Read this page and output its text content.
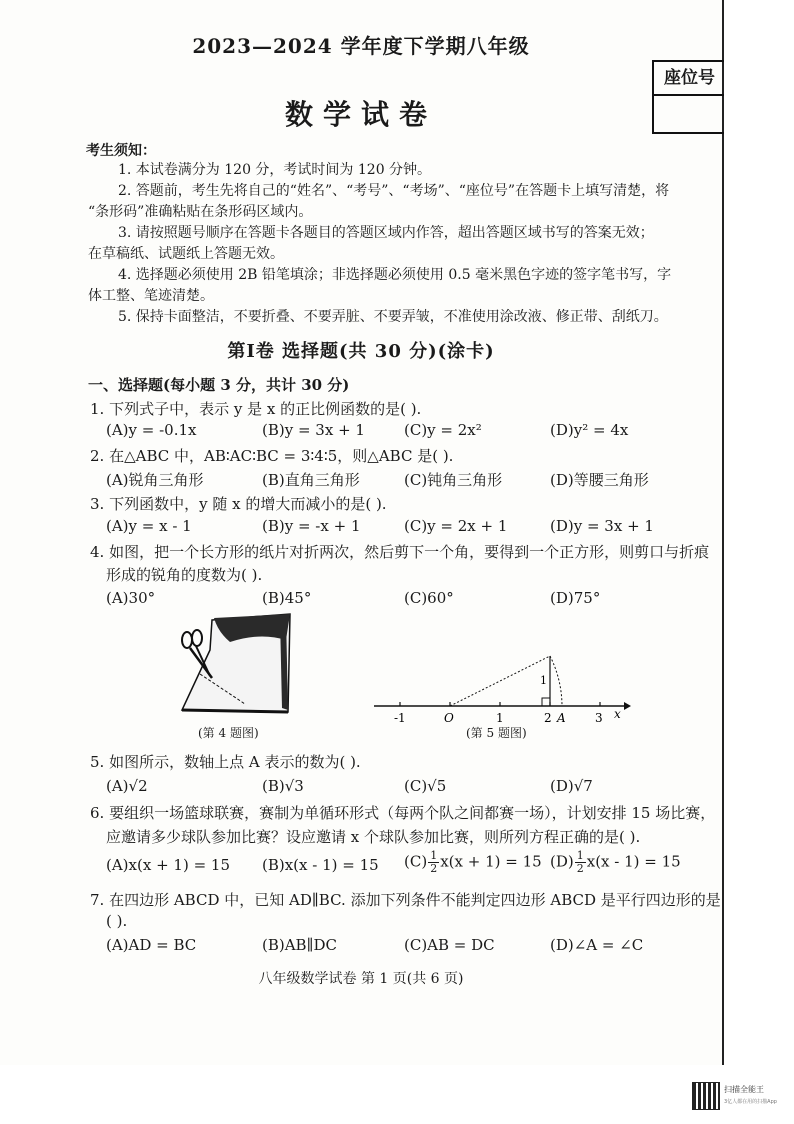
2023—2024 学年度下学期八年级
数学试卷
座位号
考生须知：
1. 本试卷满分为 120 分，考试时间为 120 分钟。
2. 答题前，考生先将自己的“姓名”、“考号”、“考场”、“座位号”在答题卡上填写清楚，将
“条形码”准确粘贴在条形码区域内。
3. 请按照题号顺序在答题卡各题目的答题区域内作答，超出答题区域书写的答案无效；
在草稿纸、试题纸上答题无效。
4. 选择题必须使用 2B 铅笔填涂；非选择题必须使用 0.5 毫米黑色字迹的签字笔书写，字
体工整、笔迹清楚。
5. 保持卡面整洁，不要折叠、不要弄脏、不要弄皱，不准使用涂改液、修正带、刮纸刀。
第Ⅰ卷 选择题(共 30 分)(涂卡)
一、选择题(每小题 3 分，共计 30 分)
1. 下列式子中，表示 y 是 x 的正比例函数的是( ).
(A)y = -0.1x	(B)y = 3x + 1	(C)y = 2x²	(D)y² = 4x
2. 在△ABC 中，AB∶AC∶BC = 3∶4∶5，则△ABC 是( ).
(A)锐角三角形	(B)直角三角形	(C)钝角三角形	(D)等腰三角形
3. 下列函数中，y 随 x 的增大而减小的是( ).
(A)y = x - 1	(B)y = -x + 1	(C)y = 2x + 1	(D)y = 3x + 1
4. 如图，把一个长方形的纸片对折两次，然后剪下一个角，要得到一个正方形，则剪口与折痕
形成的锐角的度数为( ).
(A)30°	(B)45°	(C)60°	(D)75°
(第 4 题图)
-1	O	1	2 A 3 x
1
(第 5 题图)
5. 如图所示，数轴上点 A 表示的数为( ).
(A)√2	(B)√3	(C)√5	(D)√7
6. 要组织一场篮球联赛，赛制为单循环形式（每两个队之间都赛一场），计划安排 15 场比赛，
应邀请多少球队参加比赛？设应邀请 x 个球队参加比赛，则所列方程正确的是( ).
(A)x(x + 1) = 15 (B)x(x - 1) = 15 $(C) \frac{1}{2} x(x + 1) = 15$ $(D) \frac{1}{2} x(x - 1) = 15$
7. 在四边形 ABCD 中，已知 AD∥BC. 添加下列条件不能判定四边形 ABCD 是平行四边形的是
( ).
(A)AD = BC	(B)AB∥DC	(C)AB = DC	(D)∠A = ∠C
八年级数学试卷 第 1 页(共 6 页)
扫描全能王
3亿人都在用的扫描App
